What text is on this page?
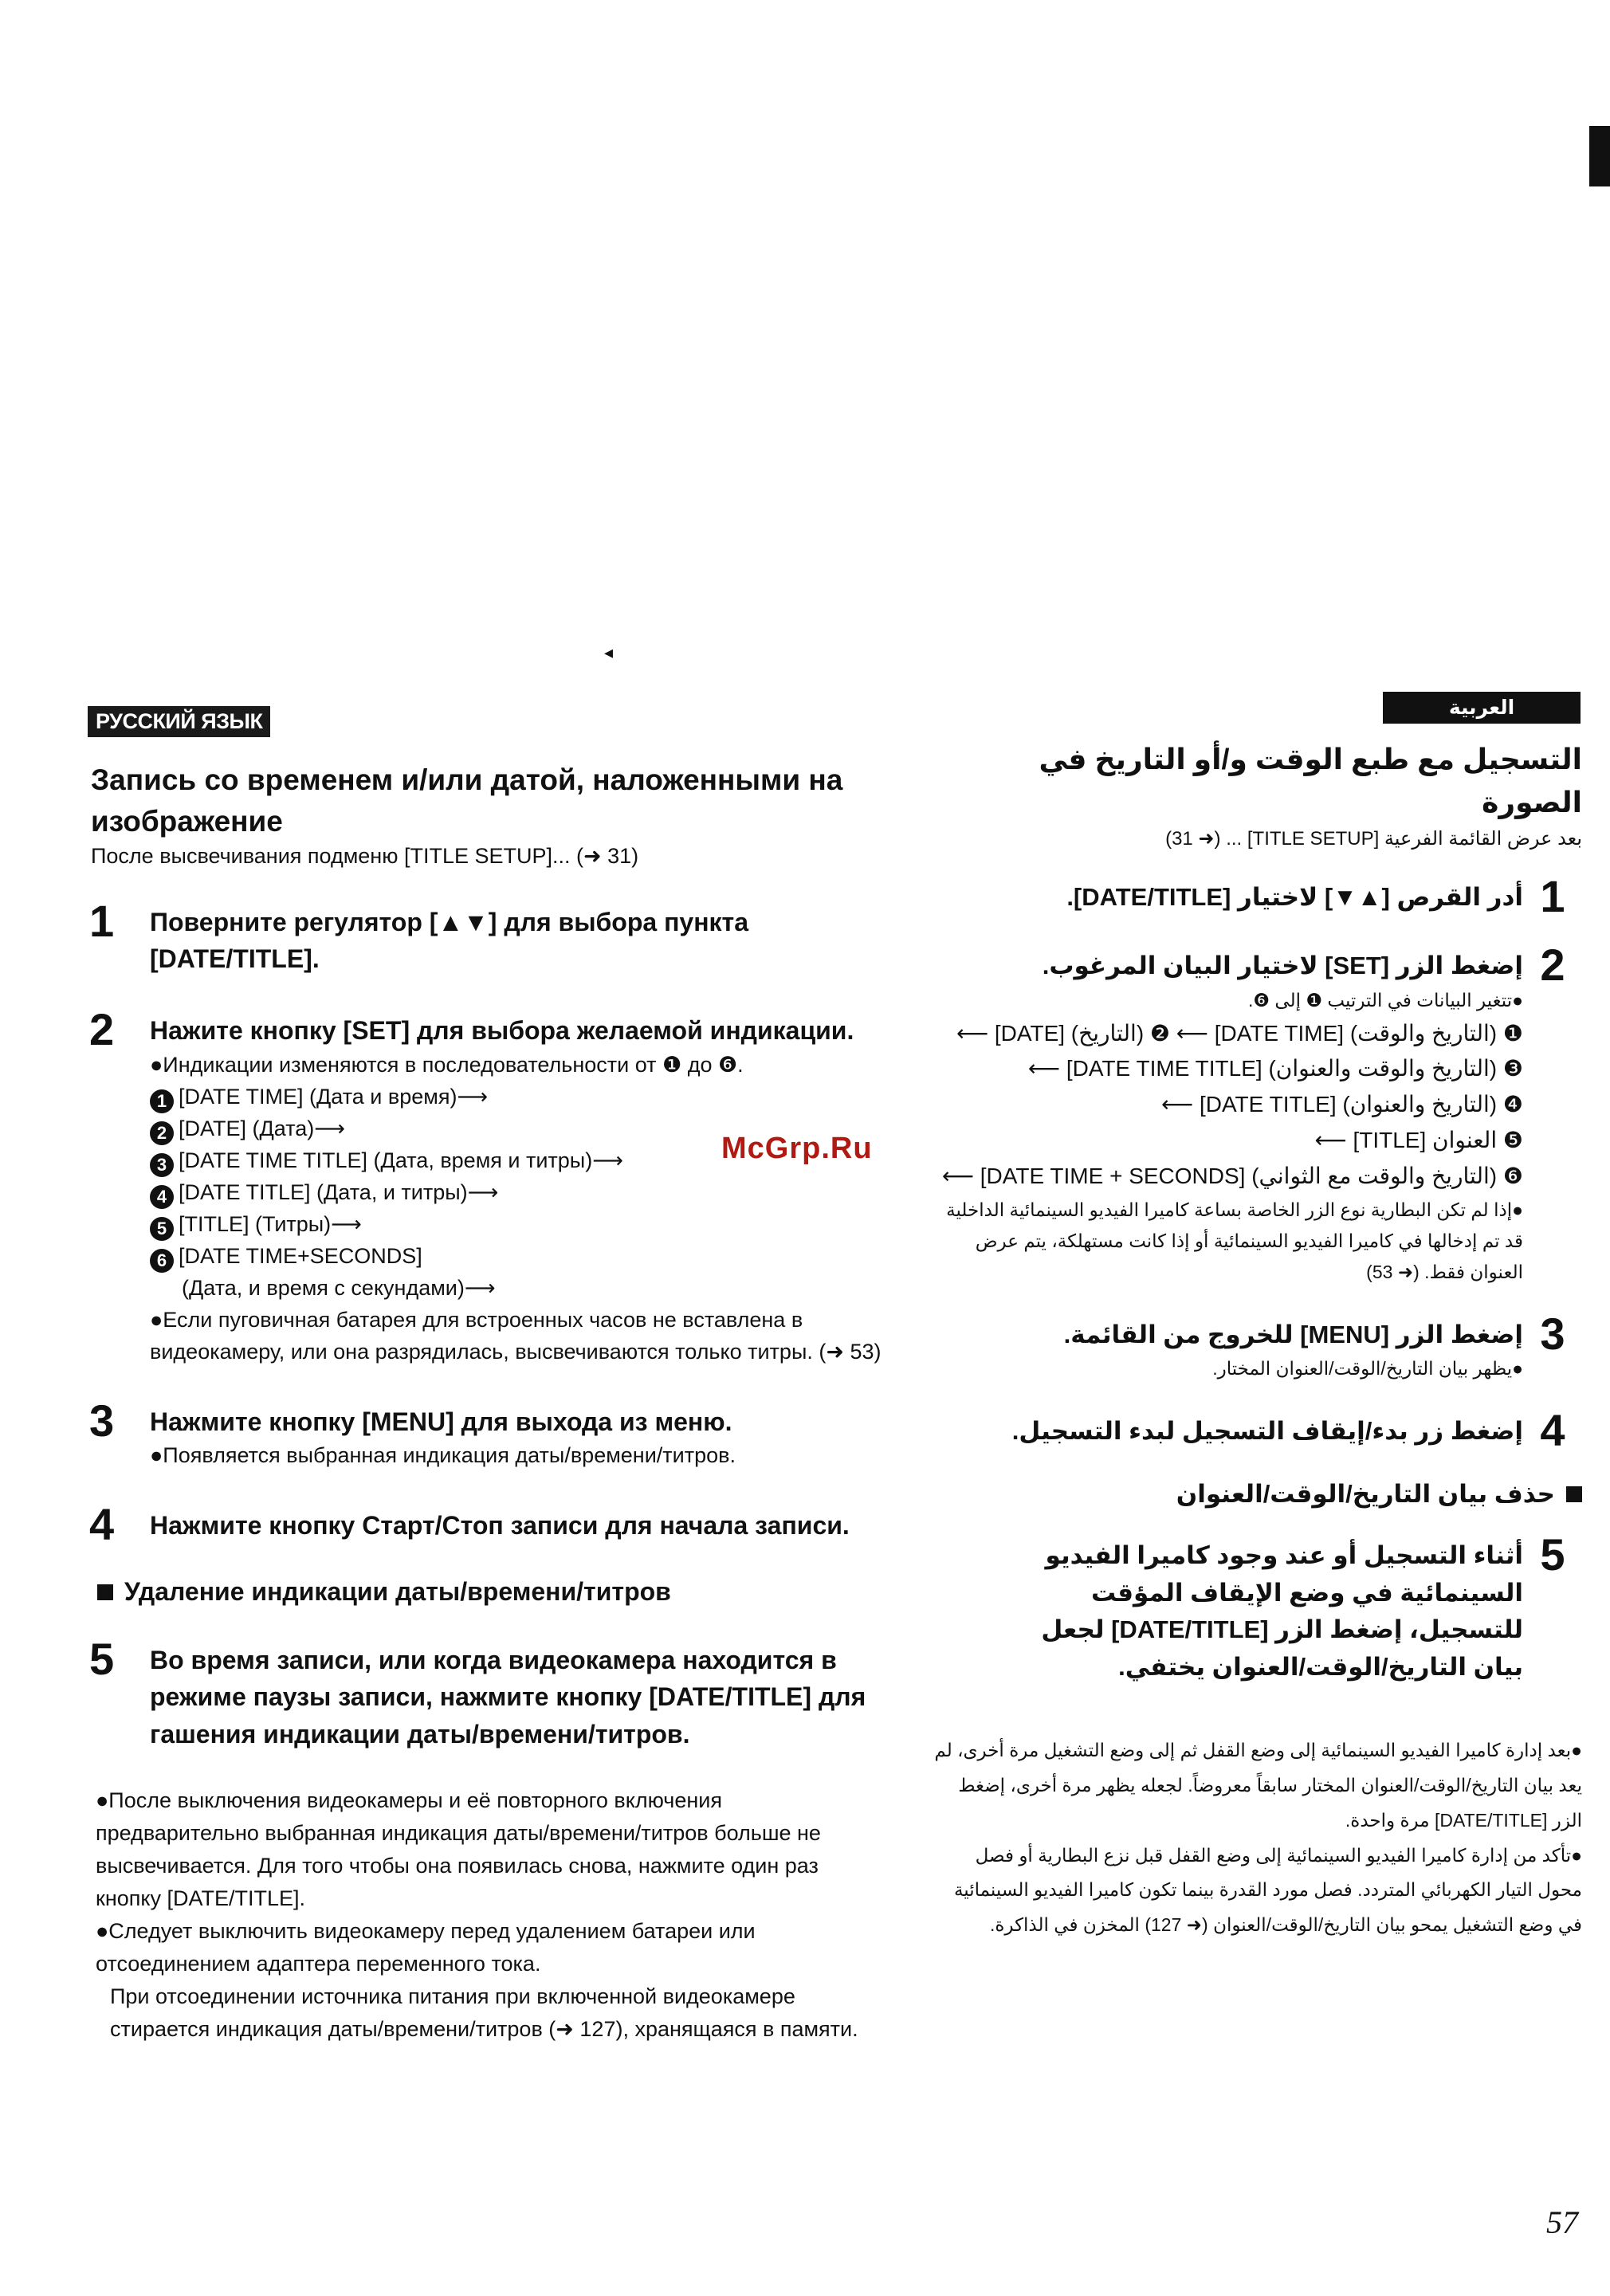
◂
McGrp.Ru
РУССКИЙ ЯЗЫК
Запись со временем и/или датой, наложенными на изображение
После высвечивания подменю [TITLE SETUP]... (➜ 31)
1	Поверните регулятор [▲▼] для выбора пункта [DATE/TITLE].
2	Нажите кнопку [SET] для выбора желаемой индикации.
●Индикации изменяются в последовательности от ❶ до ❻.
1 [DATE TIME] (Дата и время)⟶
2 [DATE] (Дата)⟶
3 [DATE TIME TITLE] (Дата, время и титры)⟶
4 [DATE TITLE] (Дата, и титры)⟶
5 [TITLE] (Титры)⟶
6 [DATE TIME+SECONDS]
(Дата, и время с секундами)⟶
●Если пуговичная батарея для встроенных часов не вставлена в видеокамеру, или она разрядилась, высвечиваются только титры. (➜ 53)
3	Нажмите кнопку [MENU] для выхода из меню.
●Появляется выбранная индикация даты/времени/титров.
4	Нажмите кнопку Старт/Стоп записи для начала записи.
Удаление индикации даты/времени/титров
5	Во время записи, или когда видеокамера находится в режиме паузы записи, нажмите кнопку [DATE/TITLE] для гашения индикации даты/времени/титров.
●После выключения видеокамеры и её повторного включения предварительно выбранная индикация даты/времени/титров больше не высвечивается. Для того чтобы она появилась снова, нажмите один раз кнопку [DATE/TITLE].
●Следует выключить видеокамеру перед удалением батареи или отсоединением адаптера переменного тока.
При отсоединении источника питания при включенной видеокамере стирается индикация даты/времени/титров (➜ 127), хранящаяся в памяти.
العربية
التسجيل مع طبع الوقت و/أو التاريخ في الصورة
بعد عرض القائمة الفرعية [TITLE SETUP] ... (➜ 31)
1
أدر القرص [▲▼] لاختيار [DATE/TITLE].
2
إضغط الزر [SET] لاختيار البيان المرغوب.
●تتغير البيانات في الترتيب ❶ إلى ❻.
❶ (التاريخ والوقت) [DATE TIME] ⟵ ❷ (التاريخ) [DATE] ⟵
❸ (التاريخ والوقت والعنوان) [DATE TIME TITLE] ⟵
❹ (التاريخ والعنوان) [DATE TITLE] ⟵
❺ العنوان [TITLE] ⟵
❻ (التاريخ والوقت مع الثواني) [DATE TIME + SECONDS] ⟵
●إذا لم تكن البطارية نوع الزر الخاصة بساعة كاميرا الفيديو السينمائية الداخلية قد تم إدخالها في كاميرا الفيديو السينمائية أو إذا كانت مستهلكة، يتم عرض العنوان فقط. (➜ 53)
3
إضغط الزر [MENU] للخروج من القائمة.
●يظهر بيان التاريخ/الوقت/العنوان المختار.
4
إضغط زر بدء/إيقاف التسجيل لبدء التسجيل.
حذف بيان التاريخ/الوقت/العنوان
5
أثناء التسجيل أو عند وجود كاميرا الفيديو السينمائية في وضع الإيقاف المؤقت للتسجيل، إضغط الزر [DATE/TITLE] لجعل بيان التاريخ/الوقت/العنوان يختفي.
●بعد إدارة كاميرا الفيديو السينمائية إلى وضع القفل ثم إلى وضع التشغيل مرة أخرى، لم يعد بيان التاريخ/الوقت/العنوان المختار سابقاً معروضاً. لجعله يظهر مرة أخرى، إضغط الزر [DATE/TITLE] مرة واحدة.
●تأكد من إدارة كاميرا الفيديو السينمائية إلى وضع القفل قبل نزع البطارية أو فصل محول التيار الكهربائي المتردد. فصل مورد القدرة بينما تكون كاميرا الفيديو السينمائية في وضع التشغيل يمحو بيان التاريخ/الوقت/العنوان (➜ 127) المخزن في الذاكرة.
57
